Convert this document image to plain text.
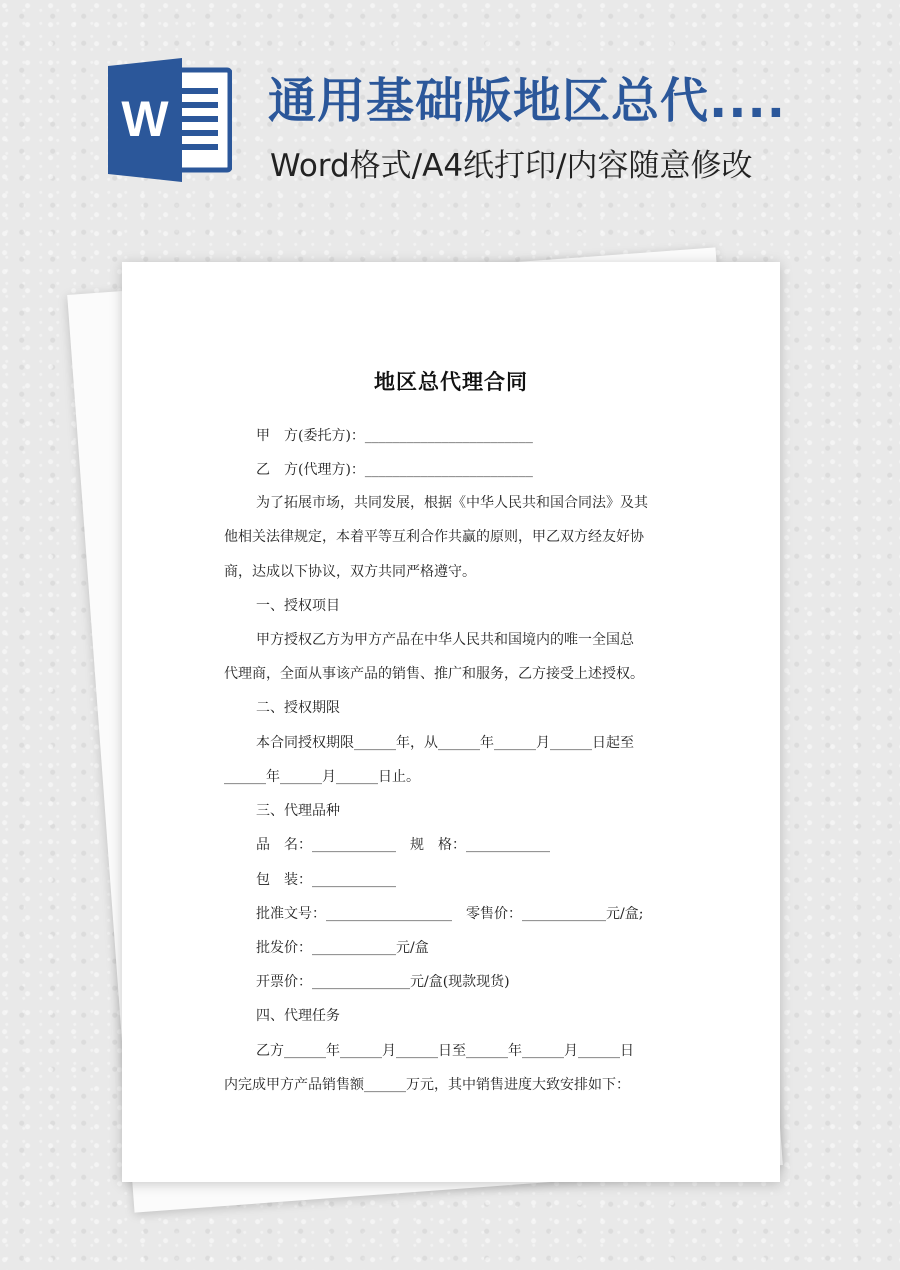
W 通用基础版地区总代....
Word格式/A4纸打印/内容随意修改
地区总代理合同
甲　方(委托方)：________________________
乙　方(代理方)：________________________
为了拓展市场，共同发展，根据《中华人民共和国合同法》及其
他相关法律规定，本着平等互利合作共赢的原则，甲乙双方经友好协
商，达成以下协议，双方共同严格遵守。
一、授权项目
甲方授权乙方为甲方产品在中华人民共和国境内的唯一全国总
代理商，全面从事该产品的销售、推广和服务，乙方接受上述授权。
二、授权期限
本合同授权期限______年，从______年______月______日起至
______年______月______日止。
三、代理品种
品　名：____________　规　格：____________
包　装：____________
批准文号：__________________　零售价：____________元/盒;
批发价：____________元/盒
开票价：______________元/盒(现款现货)
四、代理任务
乙方______年______月______日至______年______月______日
内完成甲方产品销售额______万元，其中销售进度大致安排如下：
